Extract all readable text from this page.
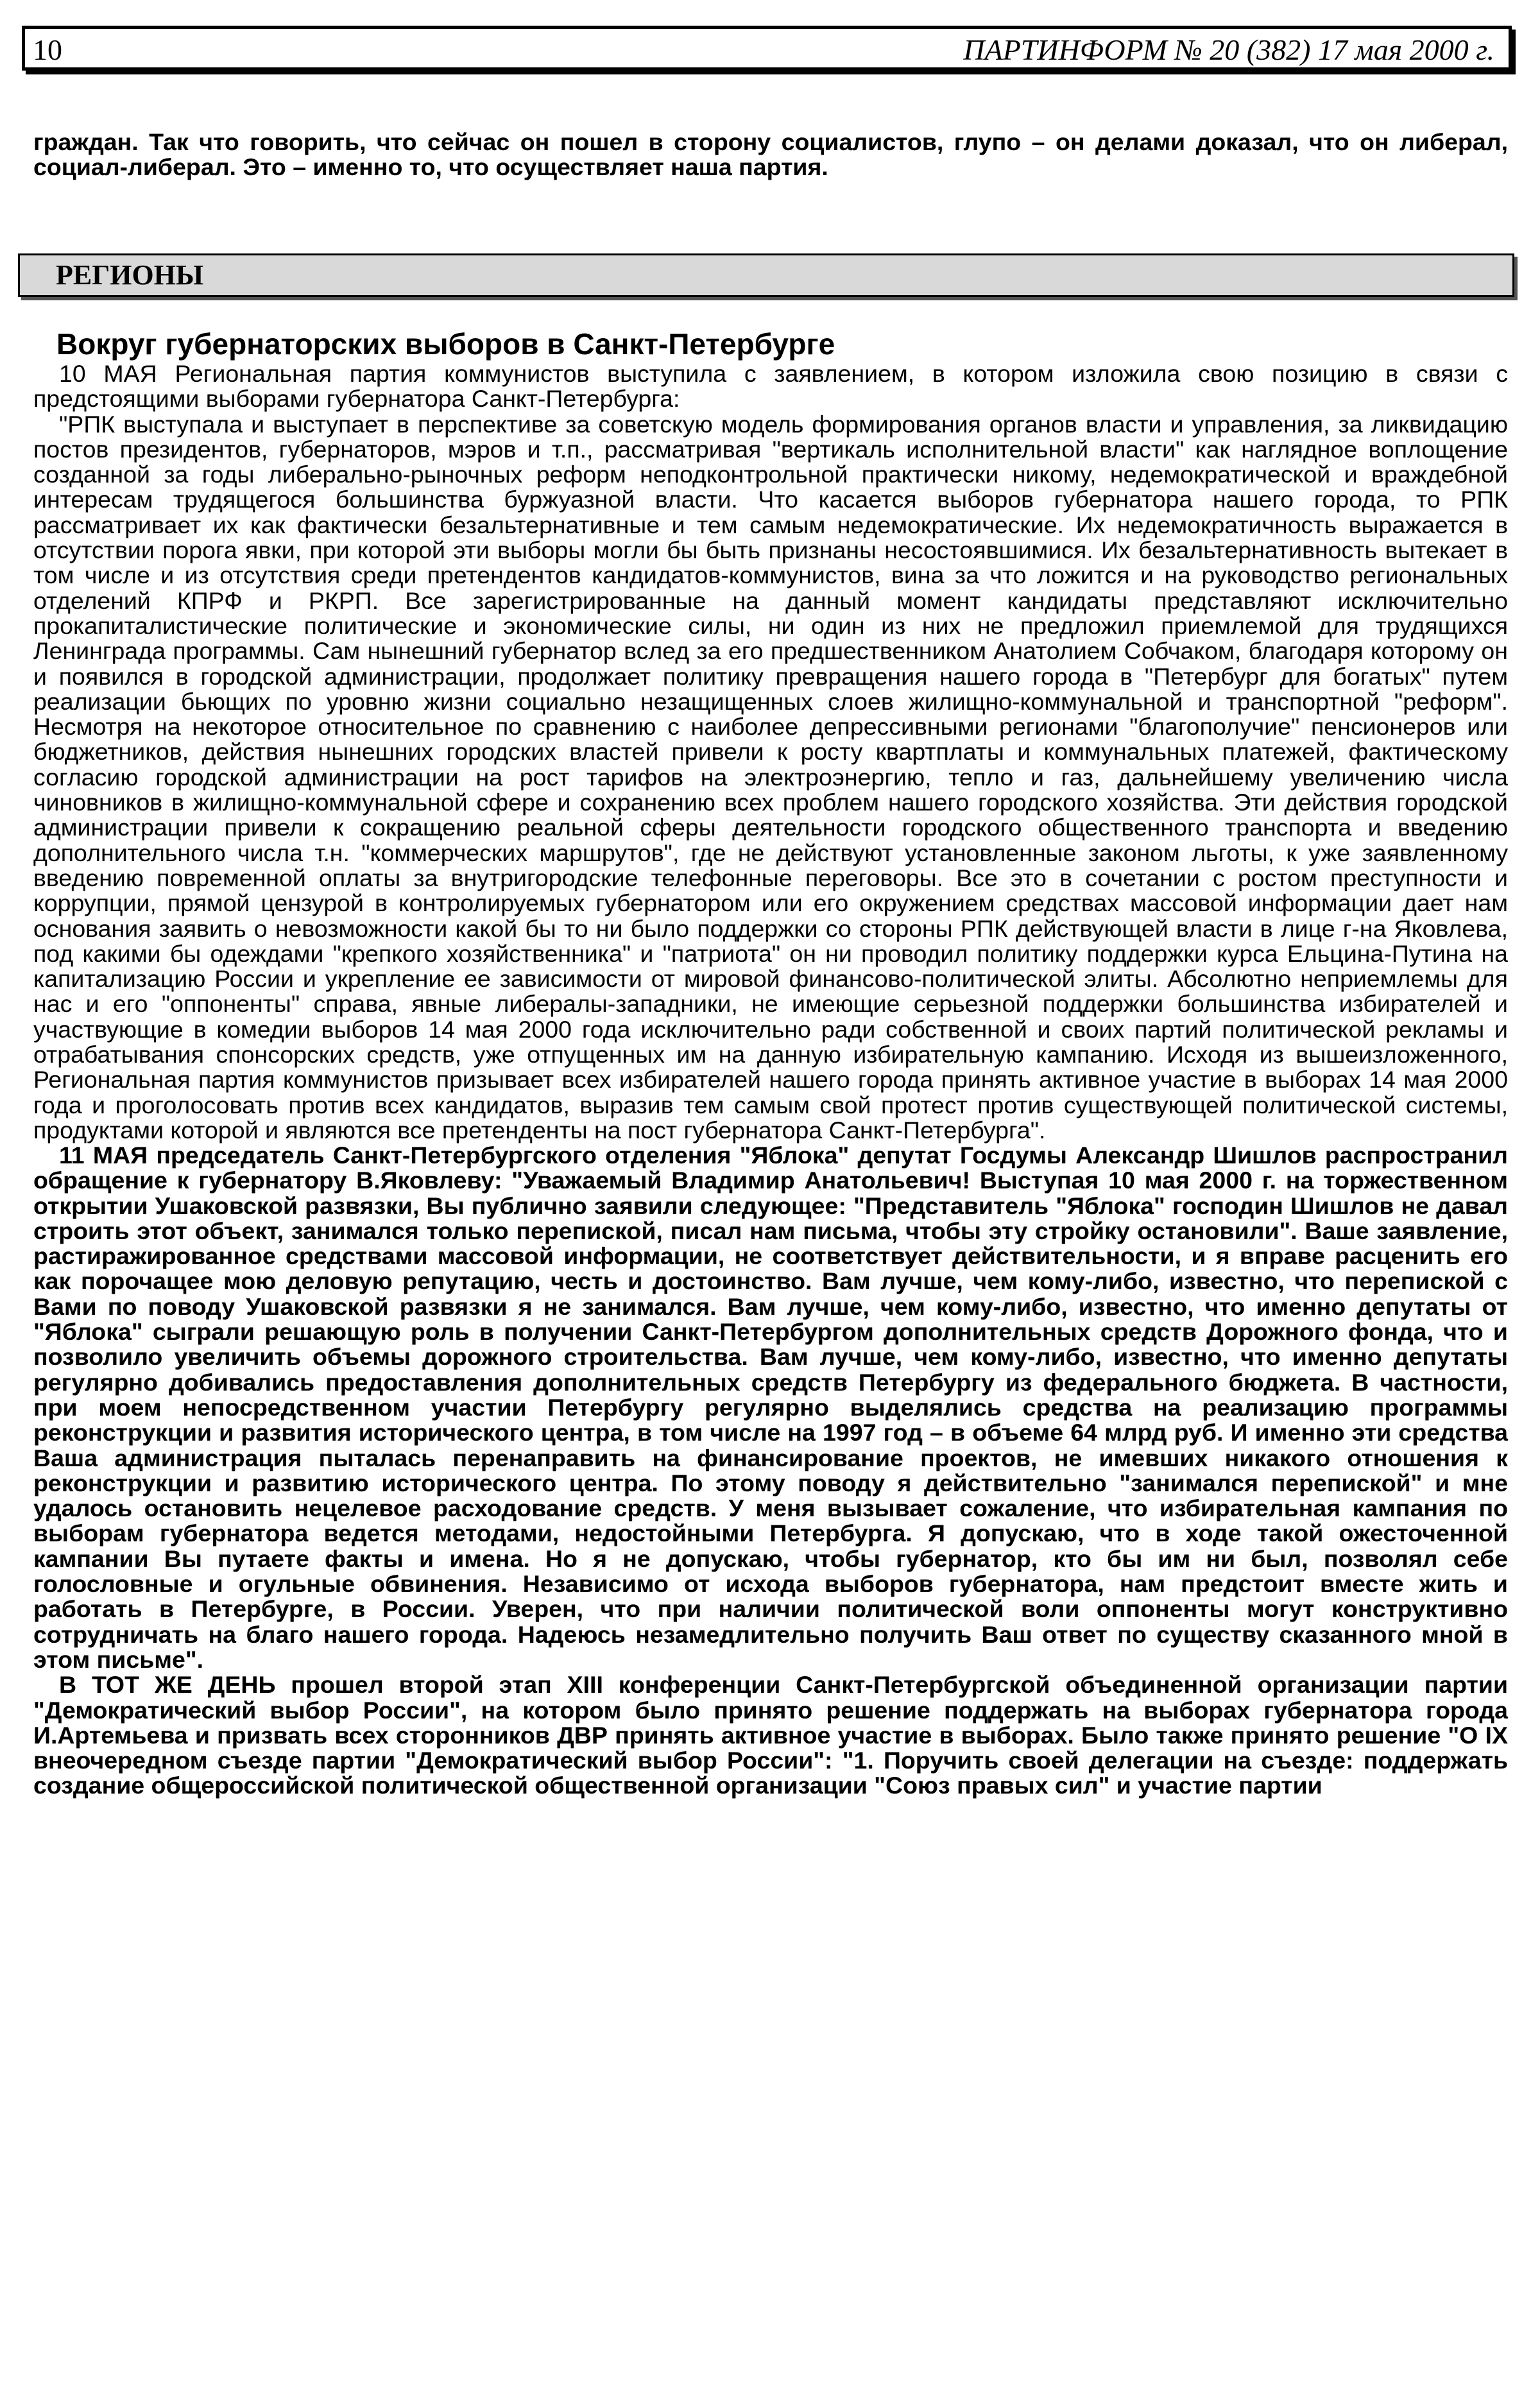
10	ПАРТИНФОРМ № 20 (382) 17 мая 2000 г.

граждан. Так что говорить, что сейчас он пошел в сторону социалистов, глупо – он делами доказал, что он либерал, социал-либерал. Это – именно то, что осуществляет наша партия.

РЕГИОНЫ
Вокруг губернаторских выборов в Санкт-Петербурге

10 МАЯ Региональная партия коммунистов выступила с заявлением, в котором изложила свою позицию в связи с предстоящими выборами губернатора Санкт-Петербурга:

"РПК выступала и выступает в перспективе за советскую модель формирования органов власти и управления, за ликвидацию постов президентов, губернаторов, мэров и т.п., рассматривая "вертикаль исполнительной власти" как наглядное воплощение созданной за годы либерально-рыночных реформ неподконтрольной практически никому, недемократической и враждебной интересам трудящегося большинства буржуазной власти. Что касается выборов губернатора нашего города, то РПК рассматривает их как фактически безальтернативные и тем самым недемократические. Их недемократичность выражается в отсутствии порога явки, при которой эти выборы могли бы быть признаны несостоявшимися. Их безальтернативность вытекает в том числе и из отсутствия среди претендентов кандидатов-коммунистов, вина за что ложится и на руководство региональных отделений КПРФ и РКРП. Все зарегистрированные на данный момент кандидаты представляют исключительно прокапиталистические политические и экономические силы, ни один из них не предложил приемлемой для трудящихся Ленинграда программы. Сам нынешний губернатор вслед за его предшественником Анатолием Собчаком, благодаря которому он и появился в городской администрации, продолжает политику превращения нашего города в "Петербург для богатых" путем реализации бьющих по уровню жизни социально незащищенных слоев жилищно-коммунальной и транспортной "реформ". Несмотря на некоторое относительное по сравнению с наиболее депрессивными регионами "благополучие" пенсионеров или бюджетников, действия нынешних городских властей привели к росту квартплаты и коммунальных платежей, фактическому согласию городской администрации на рост тарифов на электроэнергию, тепло и газ, дальнейшему увеличению числа чиновников в жилищно-коммунальной сфере и сохранению всех проблем нашего городского хозяйства. Эти действия городской администрации привели к сокращению реальной сферы деятельности городского общественного транспорта и введению дополнительного числа т.н. "коммерческих маршрутов", где не действуют установленные законом льготы, к уже заявленному введению повременной оплаты за внутригородские телефонные переговоры. Все это в сочетании с ростом преступности и коррупции, прямой цензурой в контролируемых губернатором или его окружением средствах массовой информации дает нам основания заявить о невозможности какой бы то ни было поддержки со стороны РПК действующей власти в лице г-на Яковлева, под какими бы одеждами "крепкого хозяйственника" и "патриота" он ни проводил политику поддержки курса Ельцина-Путина на капитализацию России и укрепление ее зависимости от мировой финансово-политической элиты. Абсолютно неприемлемы для нас и его "оппоненты" справа, явные либералы-западники, не имеющие серьезной поддержки большинства избирателей и участвующие в комедии выборов 14 мая 2000 года исключительно ради собственной и своих партий политической рекламы и отрабатывания спонсорских средств, уже отпущенных им на данную избирательную кампанию. Исходя из вышеизложенного, Региональная партия коммунистов призывает всех избирателей нашего города принять активное участие в выборах 14 мая 2000 года и проголосовать против всех кандидатов, выразив тем самым свой протест против существующей политической системы, продуктами которой и являются все претенденты на пост губернатора Санкт-Петербурга".

11 МАЯ председатель Санкт-Петербургского отделения "Яблока" депутат Госдумы Александр Шишлов распространил обращение к губернатору В.Яковлеву: "Уважаемый Владимир Анатольевич! Выступая 10 мая 2000 г. на торжественном открытии Ушаковской развязки, Вы публично заявили следующее: "Представитель "Яблока" господин Шишлов не давал строить этот объект, занимался только перепиской, писал нам письма, чтобы эту стройку остановили". Ваше заявление, растиражированное средствами массовой информации, не соответствует действительности, и я вправе расценить его как порочащее мою деловую репутацию, честь и достоинство. Вам лучше, чем кому-либо, известно, что перепиской с Вами по поводу Ушаковской развязки я не занимался. Вам лучше, чем кому-либо, известно, что именно депутаты от "Яблока" сыграли решающую роль в получении Санкт-Петербургом дополнительных средств Дорожного фонда, что и позволило увеличить объемы дорожного строительства. Вам лучше, чем кому-либо, известно, что именно депутаты регулярно добивались предоставления дополнительных средств Петербургу из федерального бюджета. В частности, при моем непосредственном участии Петербургу регулярно выделялись средства на реализацию программы реконструкции и развития исторического центра, в том числе на 1997 год – в объеме 64 млрд руб. И именно эти средства Ваша администрация пыталась перенаправить на финансирование проектов, не имевших никакого отношения к реконструкции и развитию исторического центра. По этому поводу я действительно "занимался перепиской" и мне удалось остановить нецелевое расходование средств. У меня вызывает сожаление, что избирательная кампания по выборам губернатора ведется методами, недостойными Петербурга. Я допускаю, что в ходе такой ожесточенной кампании Вы путаете факты и имена. Но я не допускаю, чтобы губернатор, кто бы им ни был, позволял себе голословные и огульные обвинения. Независимо от исхода выборов губернатора, нам предстоит вместе жить и работать в Петербурге, в России. Уверен, что при наличии политической воли оппоненты могут конструктивно сотрудничать на благо нашего города. Надеюсь незамедлительно получить Ваш ответ по существу сказанного мной в этом письме".

В ТОТ ЖЕ ДЕНЬ прошел второй этап XIII конференции Санкт-Петербургской объединенной организации партии "Демократический выбор России", на котором было принято решение поддержать на выборах губернатора города И.Артемьева и призвать всех сторонников ДВР принять активное участие в выборах. Было также принято решение "О IX внеочередном съезде партии "Демократический выбор России": "1. Поручить своей делегации на съезде: поддержать создание общероссийской политической общественной организации "Союз правых сил" и участие партии
